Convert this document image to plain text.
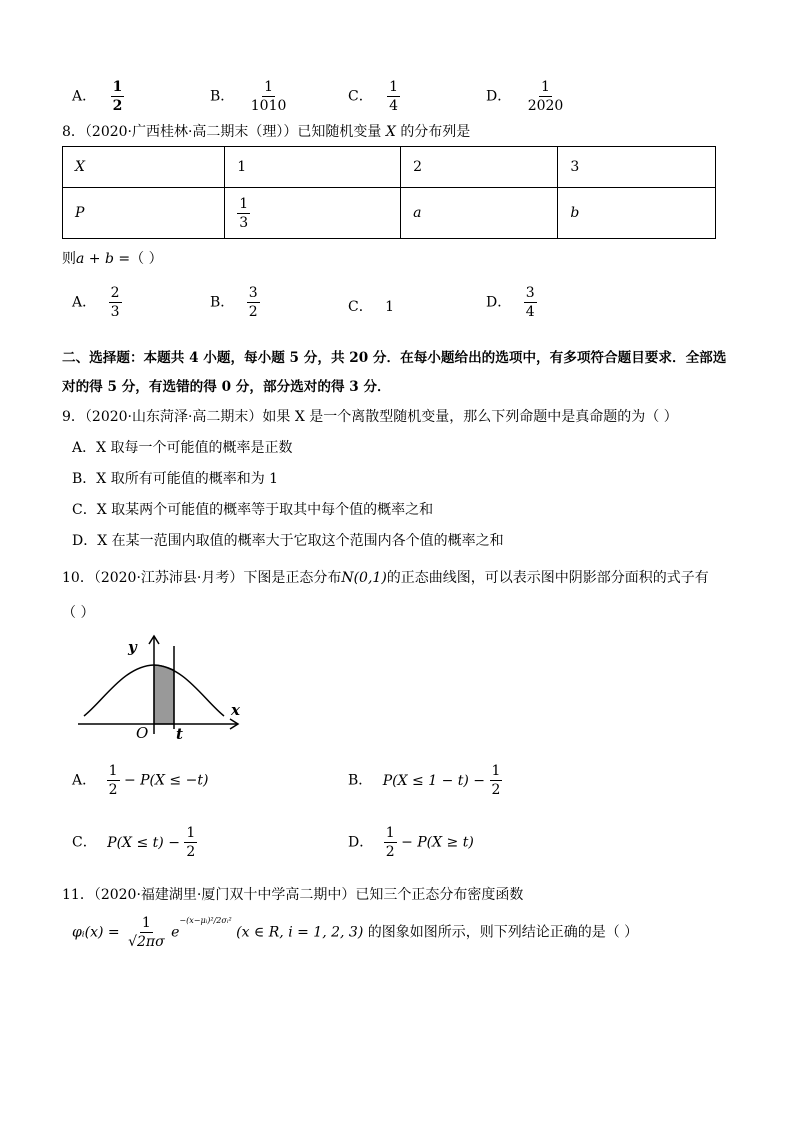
A． $\frac{1}{2}$	B． $\frac{1}{1010}$	C． $\frac{1}{4}$	D． $\frac{1}{2020}$
8．（2020·广西桂林·高二期末（理））已知随机变量 X 的分布列是
X	1	2	3
P	$\frac{1}{3}$	a	b
则a + b =（ ）
A． $\frac{2}{3}$	B． $\frac{3}{2}$	C． 1	D． $\frac{3}{4}$
二、选择题：本题共 4 小题，每小题 5 分，共 20 分．在每小题给出的选项中，有多项符合题目要求．全部选
对的得 5 分，有选错的得 0 分，部分选对的得 3 分．
9．（2020·山东菏泽·高二期末）如果 X 是一个离散型随机变量，那么下列命题中是真命题的为（ ）
A．X 取每一个可能值的概率是正数
B．X 取所有可能值的概率和为 1
C．X 取某两个可能值的概率等于取其中每个值的概率之和
D．X 在某一范围内取值的概率大于它取这个范围内各个值的概率之和
10．（2020·江苏沛县·月考）下图是正态分布N(0,1)的正态曲线图，可以表示图中阴影部分面积的式子有
（ ）
y
x
O t
A． $\frac{1}{2} - P(X \le -t)$	B． $P(X \le 1 - t) - \frac{1}{2}$
C． $P(X \le t) - \frac{1}{2}$	D． $\frac{1}{2} - P(X \ge t)$
11．（2020·福建湖里·厦门双十中学高二期中）已知三个正态分布密度函数
φᵢ(x) = $\frac{1}{√2\pi\sigma} e^{-(x-\mu ᵢ)^2/2\sigma ᵢ^2}$ (x ∈ R, i = 1, 2, 3) 的图象如图所示，则下列结论正确的是（ ）
